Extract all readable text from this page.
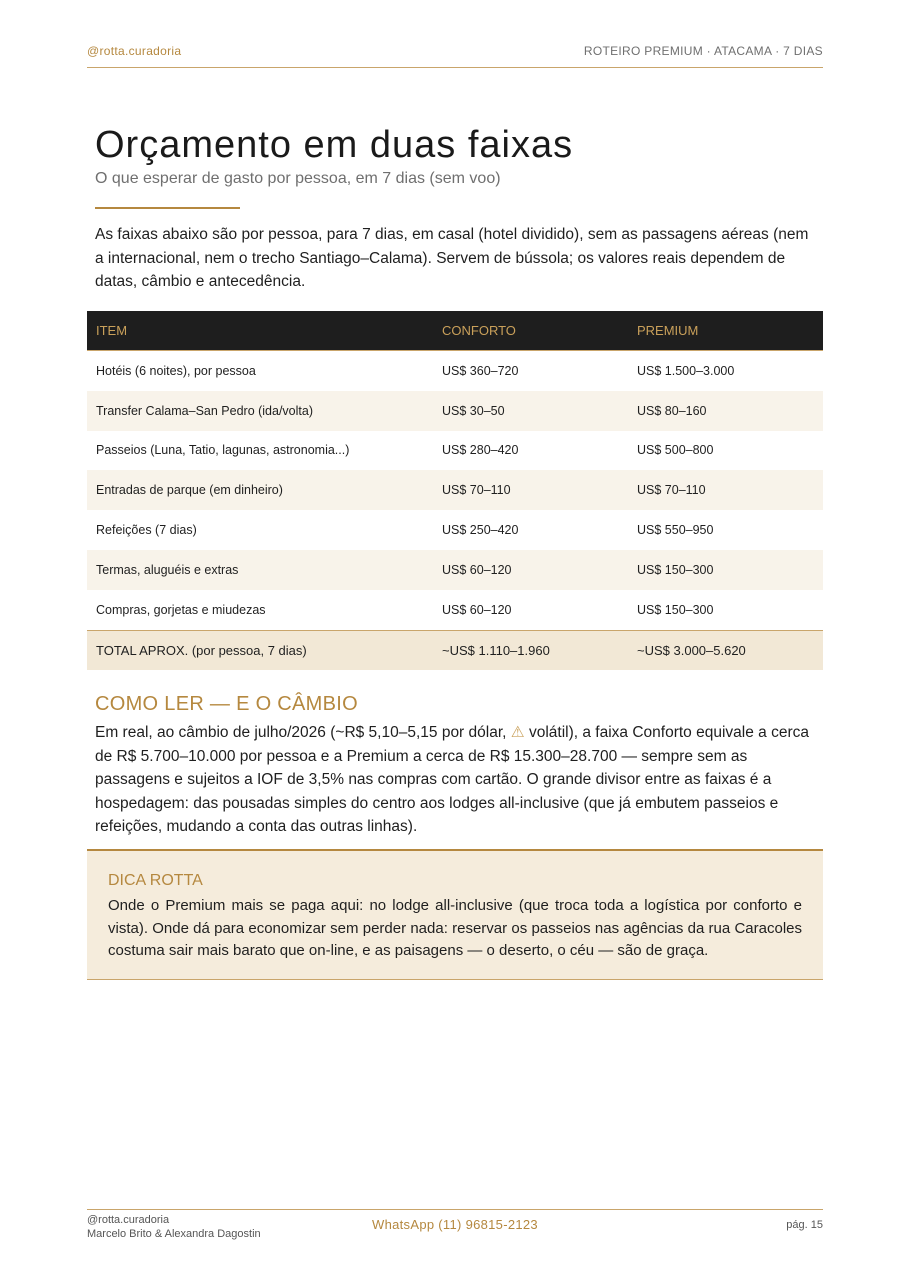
@rotta.curadoria	ROTEIRO PREMIUM · ATACAMA · 7 DIAS
Orçamento em duas faixas

O que esperar de gasto por pessoa, em 7 dias (sem voo)

As faixas abaixo são por pessoa, para 7 dias, em casal (hotel dividido), sem as passagens aéreas (nem a internacional, nem o trecho Santiago–Calama). Servem de bússola; os valores reais dependem de datas, câmbio e antecedência.

ITEM	CONFORTO	PREMIUM
Hotéis (6 noites), por pessoa	US$ 360–720	US$ 1.500–3.000
Transfer Calama–San Pedro (ida/volta)	US$ 30–50	US$ 80–160
Passeios (Luna, Tatio, lagunas, astronomia...)	US$ 280–420	US$ 500–800
Entradas de parque (em dinheiro)	US$ 70–110	US$ 70–110
Refeições (7 dias)	US$ 250–420	US$ 550–950
Termas, aluguéis e extras	US$ 60–120	US$ 150–300
Compras, gorjetas e miudezas	US$ 60–120	US$ 150–300
TOTAL APROX. (por pessoa, 7 dias)	~US$ 1.110–1.960	~US$ 3.000–5.620
COMO LER — E O CÂMBIO

Em real, ao câmbio de julho/2026 (~R$ 5,10–5,15 por dólar, ⚠ volátil), a faixa Conforto equivale a cerca de R$ 5.700–10.000 por pessoa e a Premium a cerca de R$ 15.300–28.700 — sempre sem as passagens e sujeitos a IOF de 3,5% nas compras com cartão. O grande divisor entre as faixas é a hospedagem: das pousadas simples do centro aos lodges all-inclusive (que já embutem passeios e refeições, mudando a conta das outras linhas).

DICA ROTTA

Onde o Premium mais se paga aqui: no lodge all-inclusive (que troca toda a logística por conforto e vista). Onde dá para economizar sem perder nada: reservar os passeios nas agências da rua Caracoles costuma sair mais barato que on-line, e as paisagens — o deserto, o céu — são de graça.

@rotta.curadoria
Marcelo Brito & Alexandra Dagostin
WhatsApp (11) 96815-2123	pág. 15
